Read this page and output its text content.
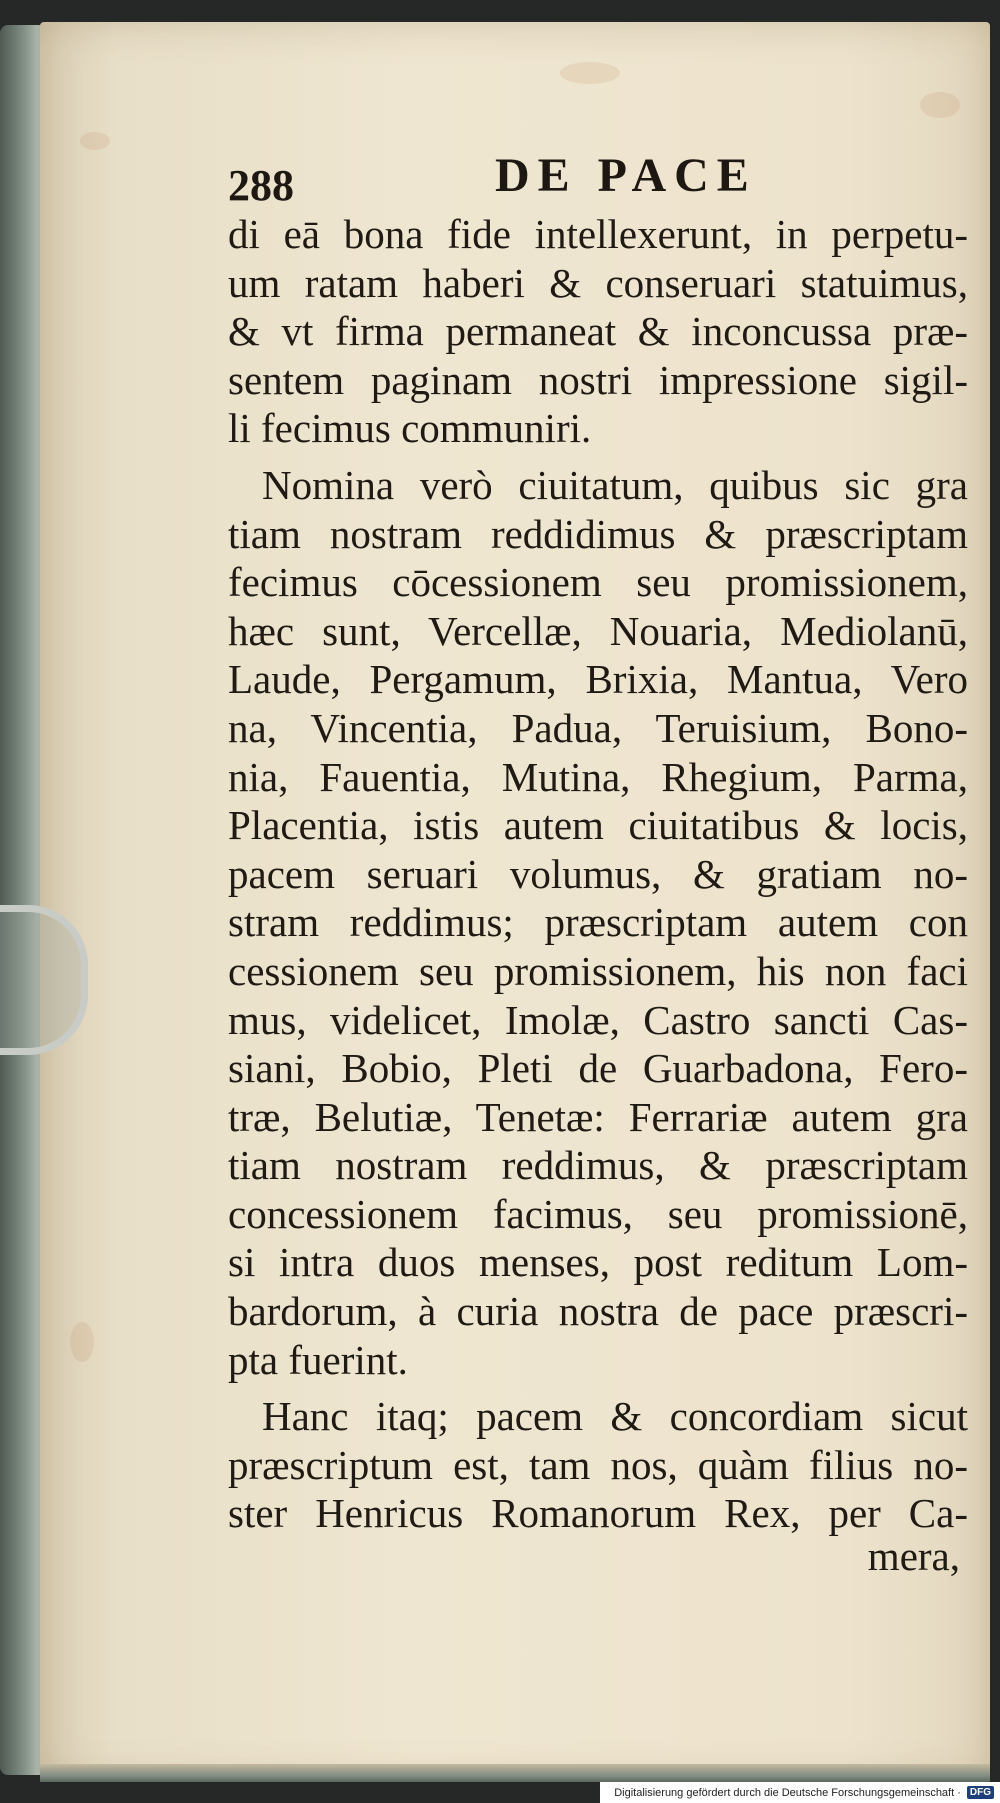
288	DE PACE
di eā bona fide intellexerunt, in perpetu-
um ratam haberi & conseruari statuimus,
& vt firma permaneat & inconcussa præ-
sentem paginam nostri impressione sigil-
li fecimus communiri.
Nomina verò ciuitatum, quibus sic gra
tiam nostram reddidimus & præscriptam
fecimus cōcessionem seu promissionem,
hæc sunt, Vercellæ, Nouaria, Mediolanū,
Laude, Pergamum, Brixia, Mantua, Vero
na, Vincentia, Padua, Teruisium, Bono-
nia, Fauentia, Mutina, Rhegium, Parma,
Placentia, istis autem ciuitatibus & locis,
pacem seruari volumus, & gratiam no-
stram reddimus; præscriptam autem con
cessionem seu promissionem, his non faci
mus, videlicet, Imolæ, Castro sancti Cas-
siani, Bobio, Pleti de Guarbadona, Fero-
træ, Belutiæ, Tenetæ: Ferrariæ autem gra
tiam nostram reddimus, & præscriptam
concessionem facimus, seu promissionē,
si intra duos menses, post reditum Lom-
bardorum, à curia nostra de pace præscri-
pta fuerint.
Hanc itaq; pacem & concordiam sicut
præscriptum est, tam nos, quàm filius no-
ster Henricus Romanorum Rex, per Ca-
mera,
Digitalisierung gefördert durch die Deutsche Forschungsgemeinschaft · DFG
